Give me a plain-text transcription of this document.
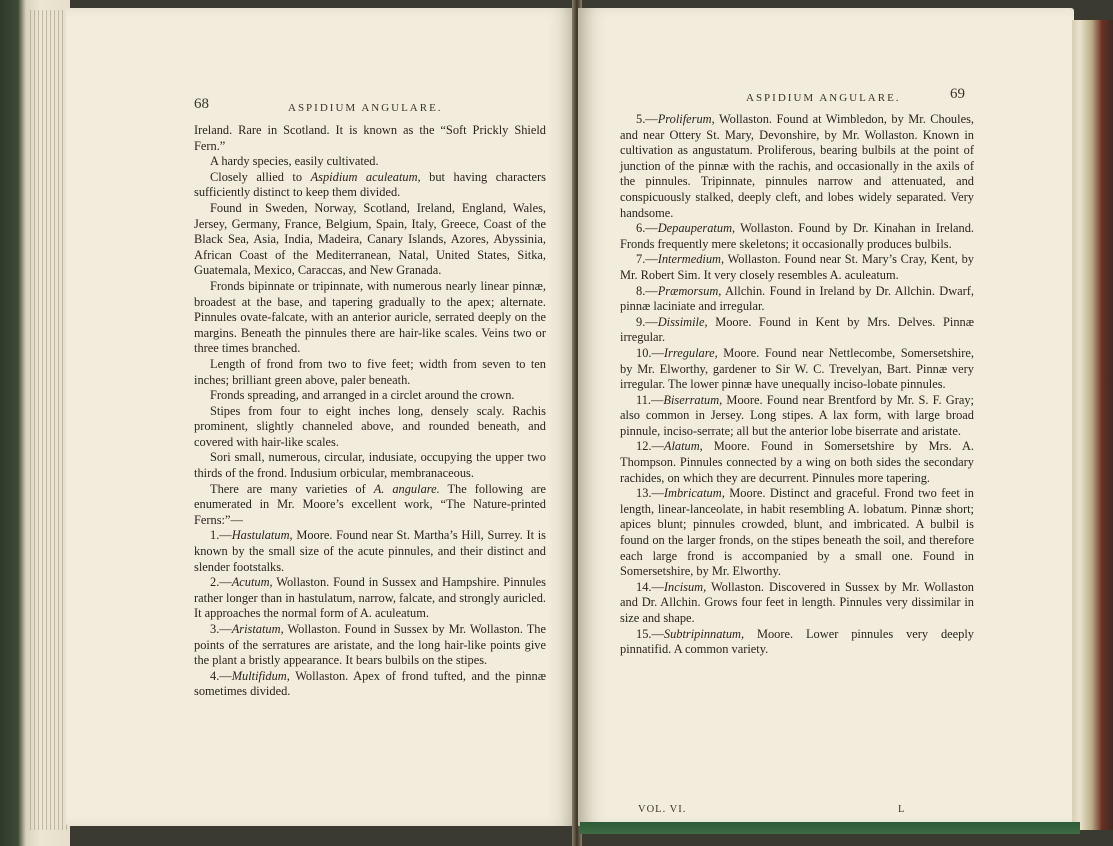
68	ASPIDIUM ANGULARE.

Ireland. Rare in Scotland. It is known as the “Soft Prickly Shield Fern.”

A hardy species, easily cultivated.

Closely allied to Aspidium aculeatum, but having characters sufficiently distinct to keep them divided.

Found in Sweden, Norway, Scotland, Ireland, England, Wales, Jersey, Germany, France, Belgium, Spain, Italy, Greece, Coast of the Black Sea, Asia, India, Madeira, Canary Islands, Azores, Abyssinia, African Coast of the Mediterranean, Natal, United States, Sitka, Guatemala, Mexico, Caraccas, and New Granada.

Fronds bipinnate or tripinnate, with numerous nearly linear pinnæ, broadest at the base, and tapering gradually to the apex; alternate. Pinnules ovate-falcate, with an anterior auricle, serrated deeply on the margins. Beneath the pinnules there are hair-like scales. Veins two or three times branched.

Length of frond from two to five feet; width from seven to ten inches; brilliant green above, paler beneath.

Fronds spreading, and arranged in a circlet around the crown.

Stipes from four to eight inches long, densely scaly. Rachis prominent, slightly channeled above, and rounded beneath, and covered with hair-like scales.

Sori small, numerous, circular, indusiate, occupying the upper two thirds of the frond. Indusium orbicular, membranaceous.

There are many varieties of A. angulare. The following are enumerated in Mr. Moore’s excellent work, “The Nature-printed Ferns:”—

1.—Hastulatum, Moore. Found near St. Martha’s Hill, Surrey. It is known by the small size of the acute pinnules, and their distinct and slender footstalks.

2.—Acutum, Wollaston. Found in Sussex and Hampshire. Pinnules rather longer than in hastulatum, narrow, falcate, and strongly auricled. It approaches the normal form of A. aculeatum.

3.—Aristatum, Wollaston. Found in Sussex by Mr. Wollaston. The points of the serratures are aristate, and the long hair-like points give the plant a bristly appearance. It bears bulbils on the stipes.

4.—Multifidum, Wollaston. Apex of frond tufted, and the pinnæ sometimes divided.

ASPIDIUM ANGULARE.	69

5.—Proliferum, Wollaston. Found at Wimbledon, by Mr. Choules, and near Ottery St. Mary, Devonshire, by Mr. Wollaston. Known in cultivation as angustatum. Proliferous, bearing bulbils at the point of junction of the pinnæ with the rachis, and occasionally in the axils of the pinnules. Tripinnate, pinnules narrow and attenuated, and conspicuously stalked, deeply cleft, and lobes widely separated. Very handsome.

6.—Depauperatum, Wollaston. Found by Dr. Kinahan in Ireland. Fronds frequently mere skeletons; it occasionally produces bulbils.

7.—Intermedium, Wollaston. Found near St. Mary’s Cray, Kent, by Mr. Robert Sim. It very closely resembles A. aculeatum.

8.—Præmorsum, Allchin. Found in Ireland by Dr. Allchin. Dwarf, pinnæ laciniate and irregular.

9.—Dissimile, Moore. Found in Kent by Mrs. Delves. Pinnæ irregular.

10.—Irregulare, Moore. Found near Nettlecombe, Somersetshire, by Mr. Elworthy, gardener to Sir W. C. Trevelyan, Bart. Pinnæ very irregular. The lower pinnæ have unequally inciso-lobate pinnules.

11.—Biserratum, Moore. Found near Brentford by Mr. S. F. Gray; also common in Jersey. Long stipes. A lax form, with large broad pinnule, inciso-serrate; all but the anterior lobe biserrate and aristate.

12.—Alatum, Moore. Found in Somersetshire by Mrs. A. Thompson. Pinnules connected by a wing on both sides the secondary rachides, on which they are decurrent. Pinnules more tapering.

13.—Imbricatum, Moore. Distinct and graceful. Frond two feet in length, linear-lanceolate, in habit resembling A. lobatum. Pinnæ short; apices blunt; pinnules crowded, blunt, and imbricated. A bulbil is found on the larger fronds, on the stipes beneath the soil, and therefore each large frond is accompanied by a small one. Found in Somersetshire, by Mr. Elworthy.

14.—Incisum, Wollaston. Discovered in Sussex by Mr. Wollaston and Dr. Allchin. Grows four feet in length. Pinnules very dissimilar in size and shape.

15.—Subtripinnatum, Moore. Lower pinnules very deeply pinnatifid. A common variety.

VOL. VI.	L
